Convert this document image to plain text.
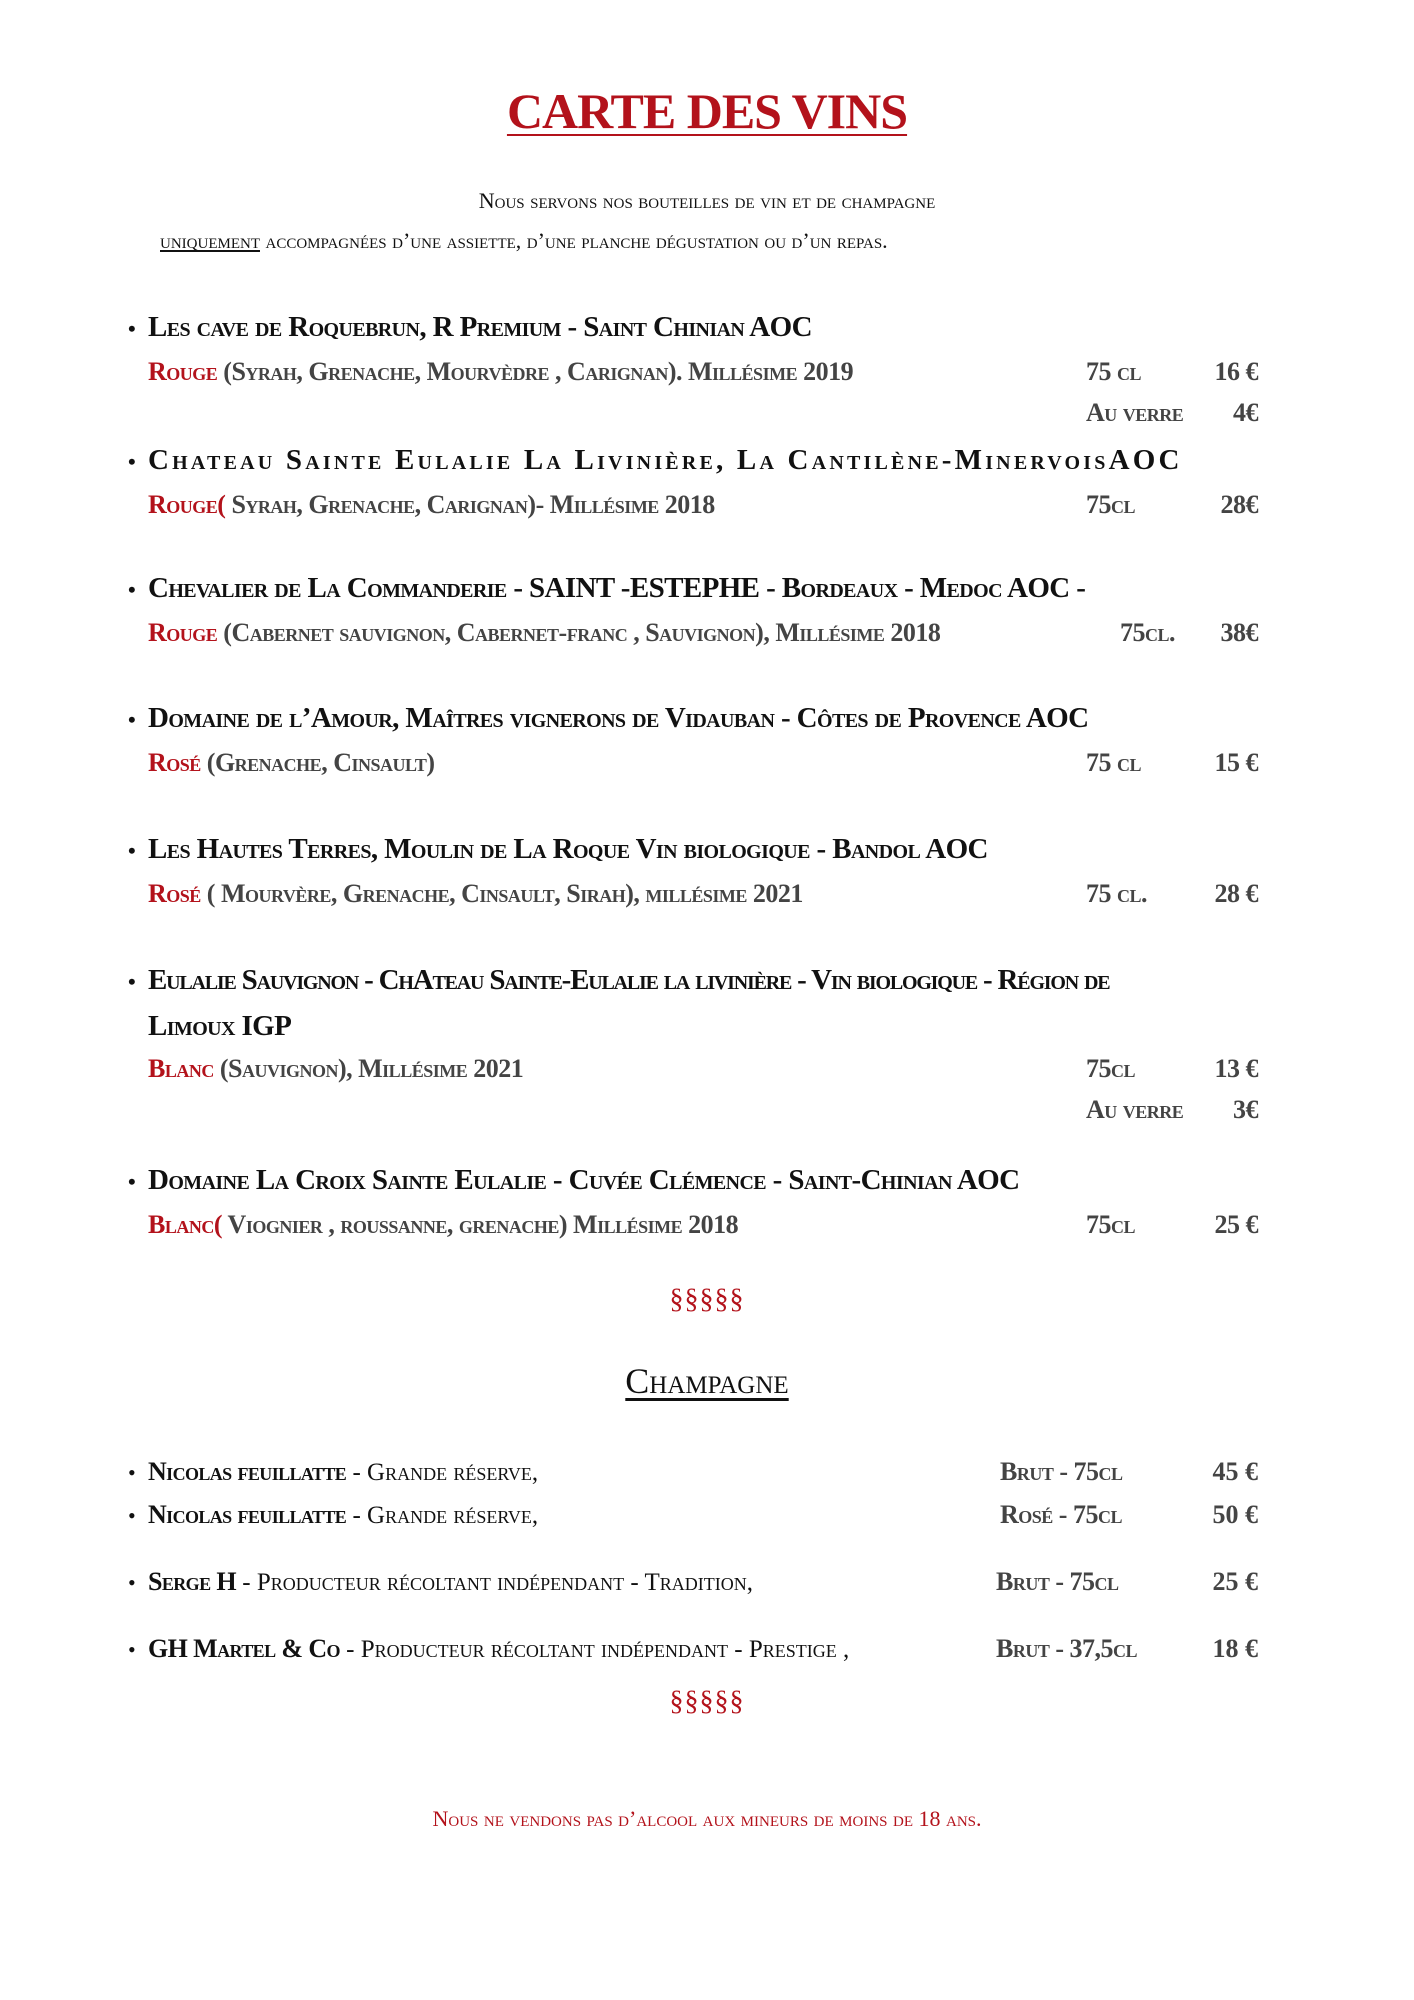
CARTE DES VINS
Nous servons nos bouteilles de vin et de champagne
uniquement accompagnées d’une assiette, d’une planche dégustation ou d’un repas.
• Les cave de Roquebrun, R Premium - Saint Chinian AOC
Rouge (Syrah, Grenache, Mourvèdre , Carignan). Millésime 2019	75 cl	16 €
Au verre 4€
• Chateau Sainte Eulalie La Livinière, La Cantilène-MinervoisAOC
Rouge( Syrah, Grenache, Carignan)- Millésime 2018	75cl	28€
• Chevalier de La Commanderie - SAINT -ESTEPHE - Bordeaux - Medoc AOC -
Rouge (Cabernet sauvignon, Cabernet-franc , Sauvignon), Millésime 2018	75cl. 38€
• Domaine de l’Amour, Maîtres vignerons de Vidauban - Côtes de Provence AOC
Rosé (Grenache, Cinsault)	75 cl	15 €
• Les Hautes Terres, Moulin de La Roque Vin biologique - Bandol AOC
Rosé ( Mourvère, Grenache, Cinsault, Sirah), millésime 2021	75 cl.	28 €
• Eulalie Sauvignon - ChAteau Sainte-Eulalie la livinière - Vin biologique - Région de
Limoux IGP
Blanc (Sauvignon), Millésime 2021	75cl	13 €
Au verre 3€
• Domaine La Croix Sainte Eulalie - Cuvée Clémence - Saint-Chinian AOC
Blanc( Viognier , roussanne, grenache) Millésime 2018	75cl	25 €
§§§§§
Champagne
• Nicolas feuillatte - Grande réserve,	Brut - 75cl	45 €
• Nicolas feuillatte - Grande réserve,	Rosé - 75cl	50 €
• Serge H - Producteur récoltant indépendant - Tradition,	Brut - 75cl	25 €
• GH Martel & Co - Producteur récoltant indépendant - Prestige ,	Brut - 37,5cl	18 €
§§§§§
Nous ne vendons pas d’alcool aux mineurs de moins de 18 ans.
